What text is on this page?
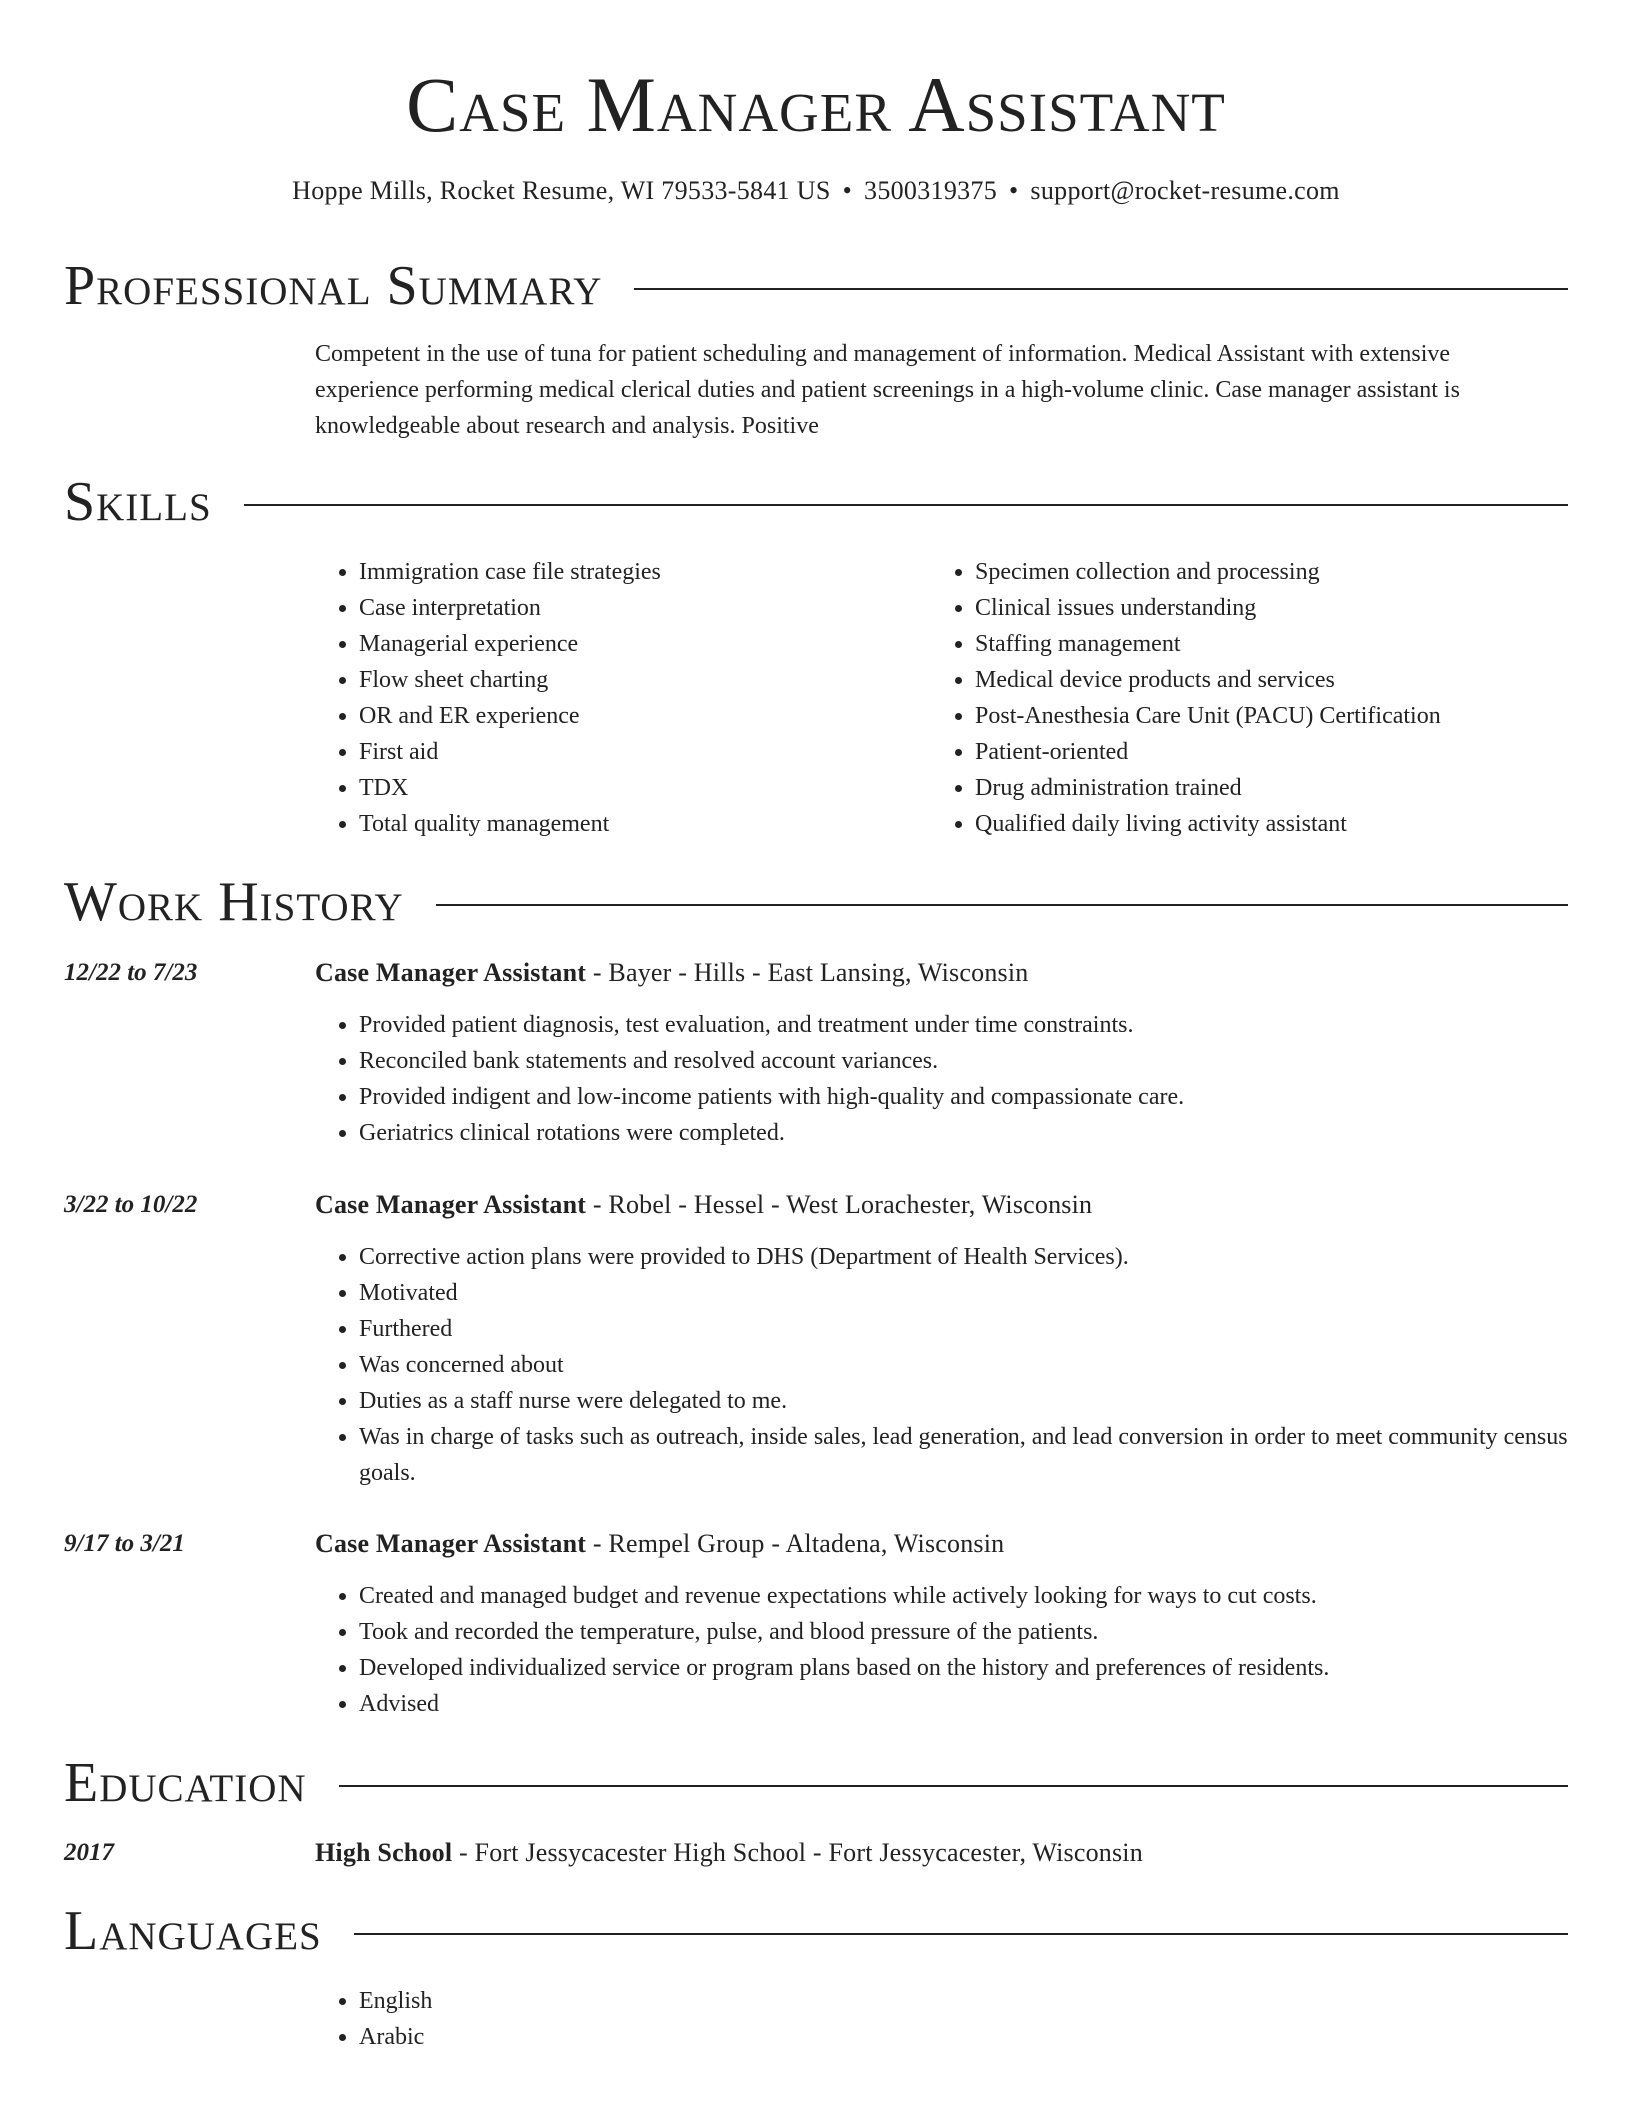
Case Manager Assistant
Hoppe Mills, Rocket Resume, WI 79533-5841 US • 3500319375 • support@rocket-resume.com
Professional Summary

Competent in the use of tuna for patient scheduling and management of information. Medical Assistant with extensive experience performing medical clerical duties and patient screenings in a high-volume clinic. Case manager assistant is knowledgeable about research and analysis. Positive

Skills
• Immigration case file strategies
• Case interpretation
• Managerial experience
• Flow sheet charting
• OR and ER experience
• First aid
• TDX
• Total quality management
• Specimen collection and processing
• Clinical issues understanding
• Staffing management
• Medical device products and services
• Post-Anesthesia Care Unit (PACU) Certification
• Patient-oriented
• Drug administration trained
• Qualified daily living activity assistant
Work History
12/22 to 7/23	Case Manager Assistant - Bayer - Hills - East Lansing, Wisconsin
• Provided patient diagnosis, test evaluation, and treatment under time constraints.
• Reconciled bank statements and resolved account variances.
• Provided indigent and low-income patients with high-quality and compassionate care.
• Geriatrics clinical rotations were completed.
3/22 to 10/22	Case Manager Assistant - Robel - Hessel - West Lorachester, Wisconsin
• Corrective action plans were provided to DHS (Department of Health Services).
• Motivated
• Furthered
• Was concerned about
• Duties as a staff nurse were delegated to me.
• Was in charge of tasks such as outreach, inside sales, lead generation, and lead conversion in order to meet community census goals.
9/17 to 3/21	Case Manager Assistant - Rempel Group - Altadena, Wisconsin
• Created and managed budget and revenue expectations while actively looking for ways to cut costs.
• Took and recorded the temperature, pulse, and blood pressure of the patients.
• Developed individualized service or program plans based on the history and preferences of residents.
• Advised
Education
2017	High School - Fort Jessycacester High School - Fort Jessycacester, Wisconsin
Languages
• English
• Arabic
